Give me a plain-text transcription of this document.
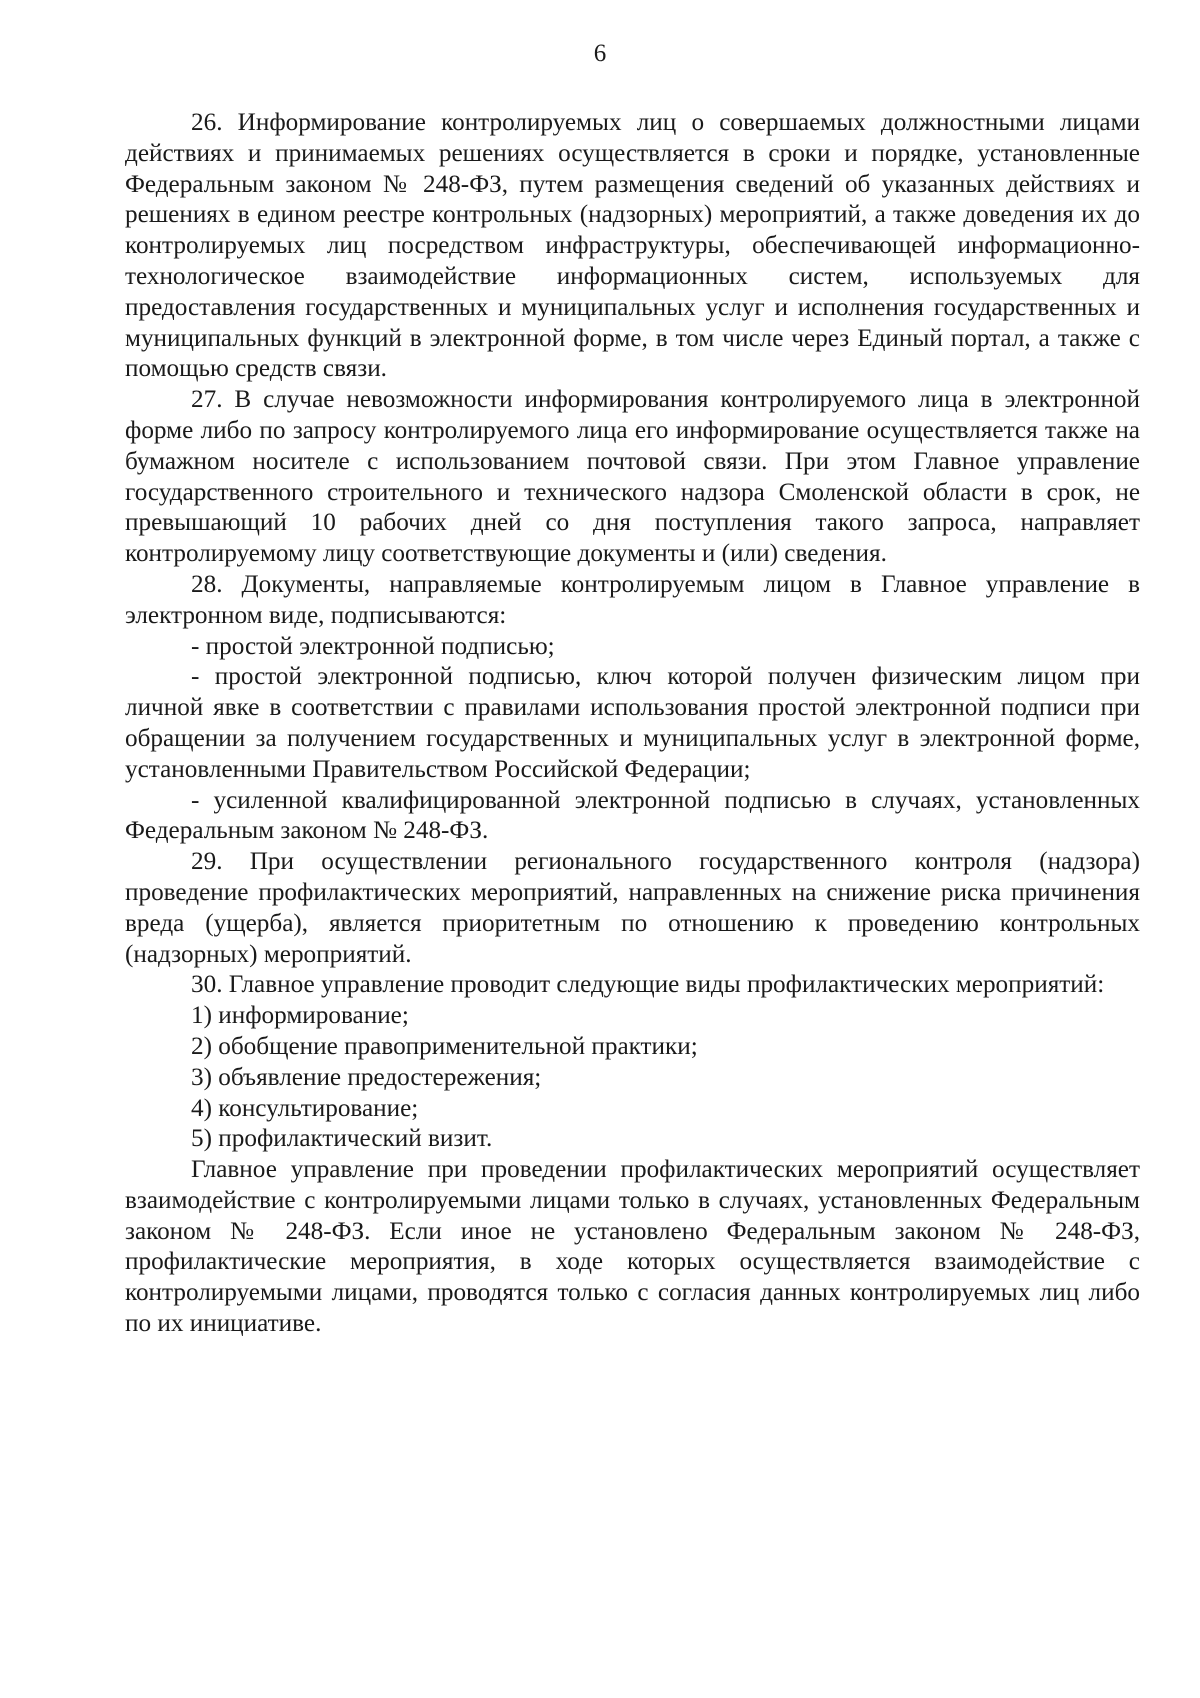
6

26. Информирование контролируемых лиц о совершаемых должностными лицами действиях и принимаемых решениях осуществляется в сроки и порядке, установленные Федеральным законом № 248-ФЗ, путем размещения сведений об указанных действиях и решениях в едином реестре контрольных (надзорных) мероприятий, а также доведения их до контролируемых лиц посредством инфраструктуры, обеспечивающей информационно-технологическое взаимодействие информационных систем, используемых для предоставления государственных и муниципальных услуг и исполнения государственных и муниципальных функций в электронной форме, в том числе через Единый портал, а также с помощью средств связи.

27. В случае невозможности информирования контролируемого лица в электронной форме либо по запросу контролируемого лица его информирование осуществляется также на бумажном носителе с использованием почтовой связи. При этом Главное управление государственного строительного и технического надзора Смоленской области в срок, не превышающий 10 рабочих дней со дня поступления такого запроса, направляет контролируемому лицу соответствующие документы и (или) сведения.

28. Документы, направляемые контролируемым лицом в Главное управление в электронном виде, подписываются:

- простой электронной подписью;

- простой электронной подписью, ключ которой получен физическим лицом при личной явке в соответствии с правилами использования простой электронной подписи при обращении за получением государственных и муниципальных услуг в электронной форме, установленными Правительством Российской Федерации;

- усиленной квалифицированной электронной подписью в случаях, установленных Федеральным законом № 248-ФЗ.

29. При осуществлении регионального государственного контроля (надзора) проведение профилактических мероприятий, направленных на снижение риска причинения вреда (ущерба), является приоритетным по отношению к проведению контрольных (надзорных) мероприятий.

30. Главное управление проводит следующие виды профилактических мероприятий:

1) информирование;

2) обобщение правоприменительной практики;

3) объявление предостережения;

4) консультирование;

5) профилактический визит.

Главное управление при проведении профилактических мероприятий осуществляет взаимодействие с контролируемыми лицами только в случаях, установленных Федеральным законом № 248-ФЗ. Если иное не установлено Федеральным законом № 248-ФЗ, профилактические мероприятия, в ходе которых осуществляется взаимодействие с контролируемыми лицами, проводятся только с согласия данных контролируемых лиц либо по их инициативе.
